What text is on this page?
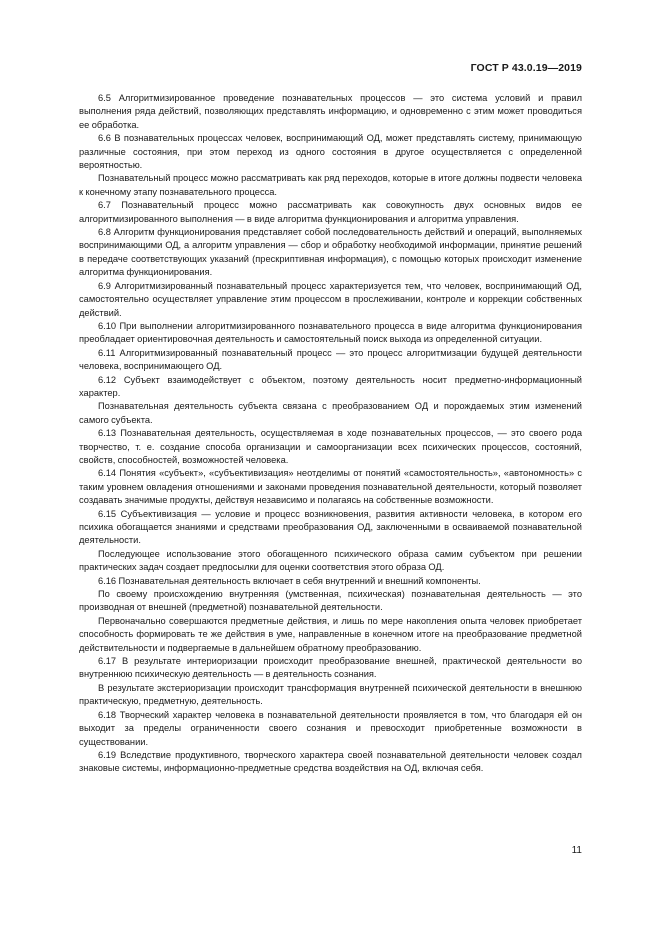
ГОСТ Р 43.0.19—2019

6.5 Алгоритмизированное проведение познавательных процессов — это система условий и правил выполнения ряда действий, позволяющих представлять информацию, и одновременно с этим может проводиться ее обработка.

6.6 В познавательных процессах человек, воспринимающий ОД, может представлять систему, принимающую различные состояния, при этом переход из одного состояния в другое осуществляется с определенной вероятностью.

Познавательный процесс можно рассматривать как ряд переходов, которые в итоге должны подвести человека к конечному этапу познавательного процесса.

6.7 Познавательный процесс можно рассматривать как совокупность двух основных видов ее алгоритмизированного выполнения — в виде алгоритма функционирования и алгоритма управления.

6.8 Алгоритм функционирования представляет собой последовательность действий и операций, выполняемых воспринимающими ОД, а алгоритм управления — сбор и обработку необходимой информации, принятие решений в передаче соответствующих указаний (прескриптивная информация), с помощью которых происходит изменение алгоритма функционирования.

6.9 Алгоритмизированный познавательный процесс характеризуется тем, что человек, воспринимающий ОД, самостоятельно осуществляет управление этим процессом в прослеживании, контроле и коррекции собственных действий.

6.10 При выполнении алгоритмизированного познавательного процесса в виде алгоритма функционирования преобладает ориентировочная деятельность и самостоятельный поиск выхода из определенной ситуации.

6.11 Алгоритмизированный познавательный процесс — это процесс алгоритмизации будущей деятельности человека, воспринимающего ОД.

6.12 Субъект взаимодействует с объектом, поэтому деятельность носит предметно-информационный характер.

Познавательная деятельность субъекта связана с преобразованием ОД и порождаемых этим изменений самого субъекта.

6.13 Познавательная деятельность, осуществляемая в ходе познавательных процессов, — это своего рода творчество, т. е. создание способа организации и самоорганизации всех психических процессов, состояний, свойств, способностей, возможностей человека.

6.14 Понятия «субъект», «субъективизация» неотделимы от понятий «самостоятельность», «автономность» с таким уровнем овладения отношениями и законами проведения познавательной деятельности, который позволяет создавать значимые продукты, действуя независимо и полагаясь на собственные возможности.

6.15 Субъективизация — условие и процесс возникновения, развития активности человека, в котором его психика обогащается знаниями и средствами преобразования ОД, заключенными в осваиваемой познавательной деятельности.

Последующее использование этого обогащенного психического образа самим субъектом при решении практических задач создает предпосылки для оценки соответствия этого образа ОД.

6.16 Познавательная деятельность включает в себя внутренний и внешний компоненты.

По своему происхождению внутренняя (умственная, психическая) познавательная деятельность — это производная от внешней (предметной) познавательной деятельности.

Первоначально совершаются предметные действия, и лишь по мере накопления опыта человек приобретает способность формировать те же действия в уме, направленные в конечном итоге на преобразование предметной действительности и подвергаемые в дальнейшем обратному преобразованию.

6.17 В результате интериоризации происходит преобразование внешней, практической деятельности во внутреннюю психическую деятельность — в деятельность сознания.

В результате экстериоризации происходит трансформация внутренней психической деятельности в внешнюю практическую, предметную, деятельность.

6.18 Творческий характер человека в познавательной деятельности проявляется в том, что благодаря ей он выходит за пределы ограниченности своего сознания и превосходит приобретенные возможности в существовании.

6.19 Вследствие продуктивного, творческого характера своей познавательной деятельности человек создал знаковые системы, информационно-предметные средства воздействия на ОД, включая себя.

11
